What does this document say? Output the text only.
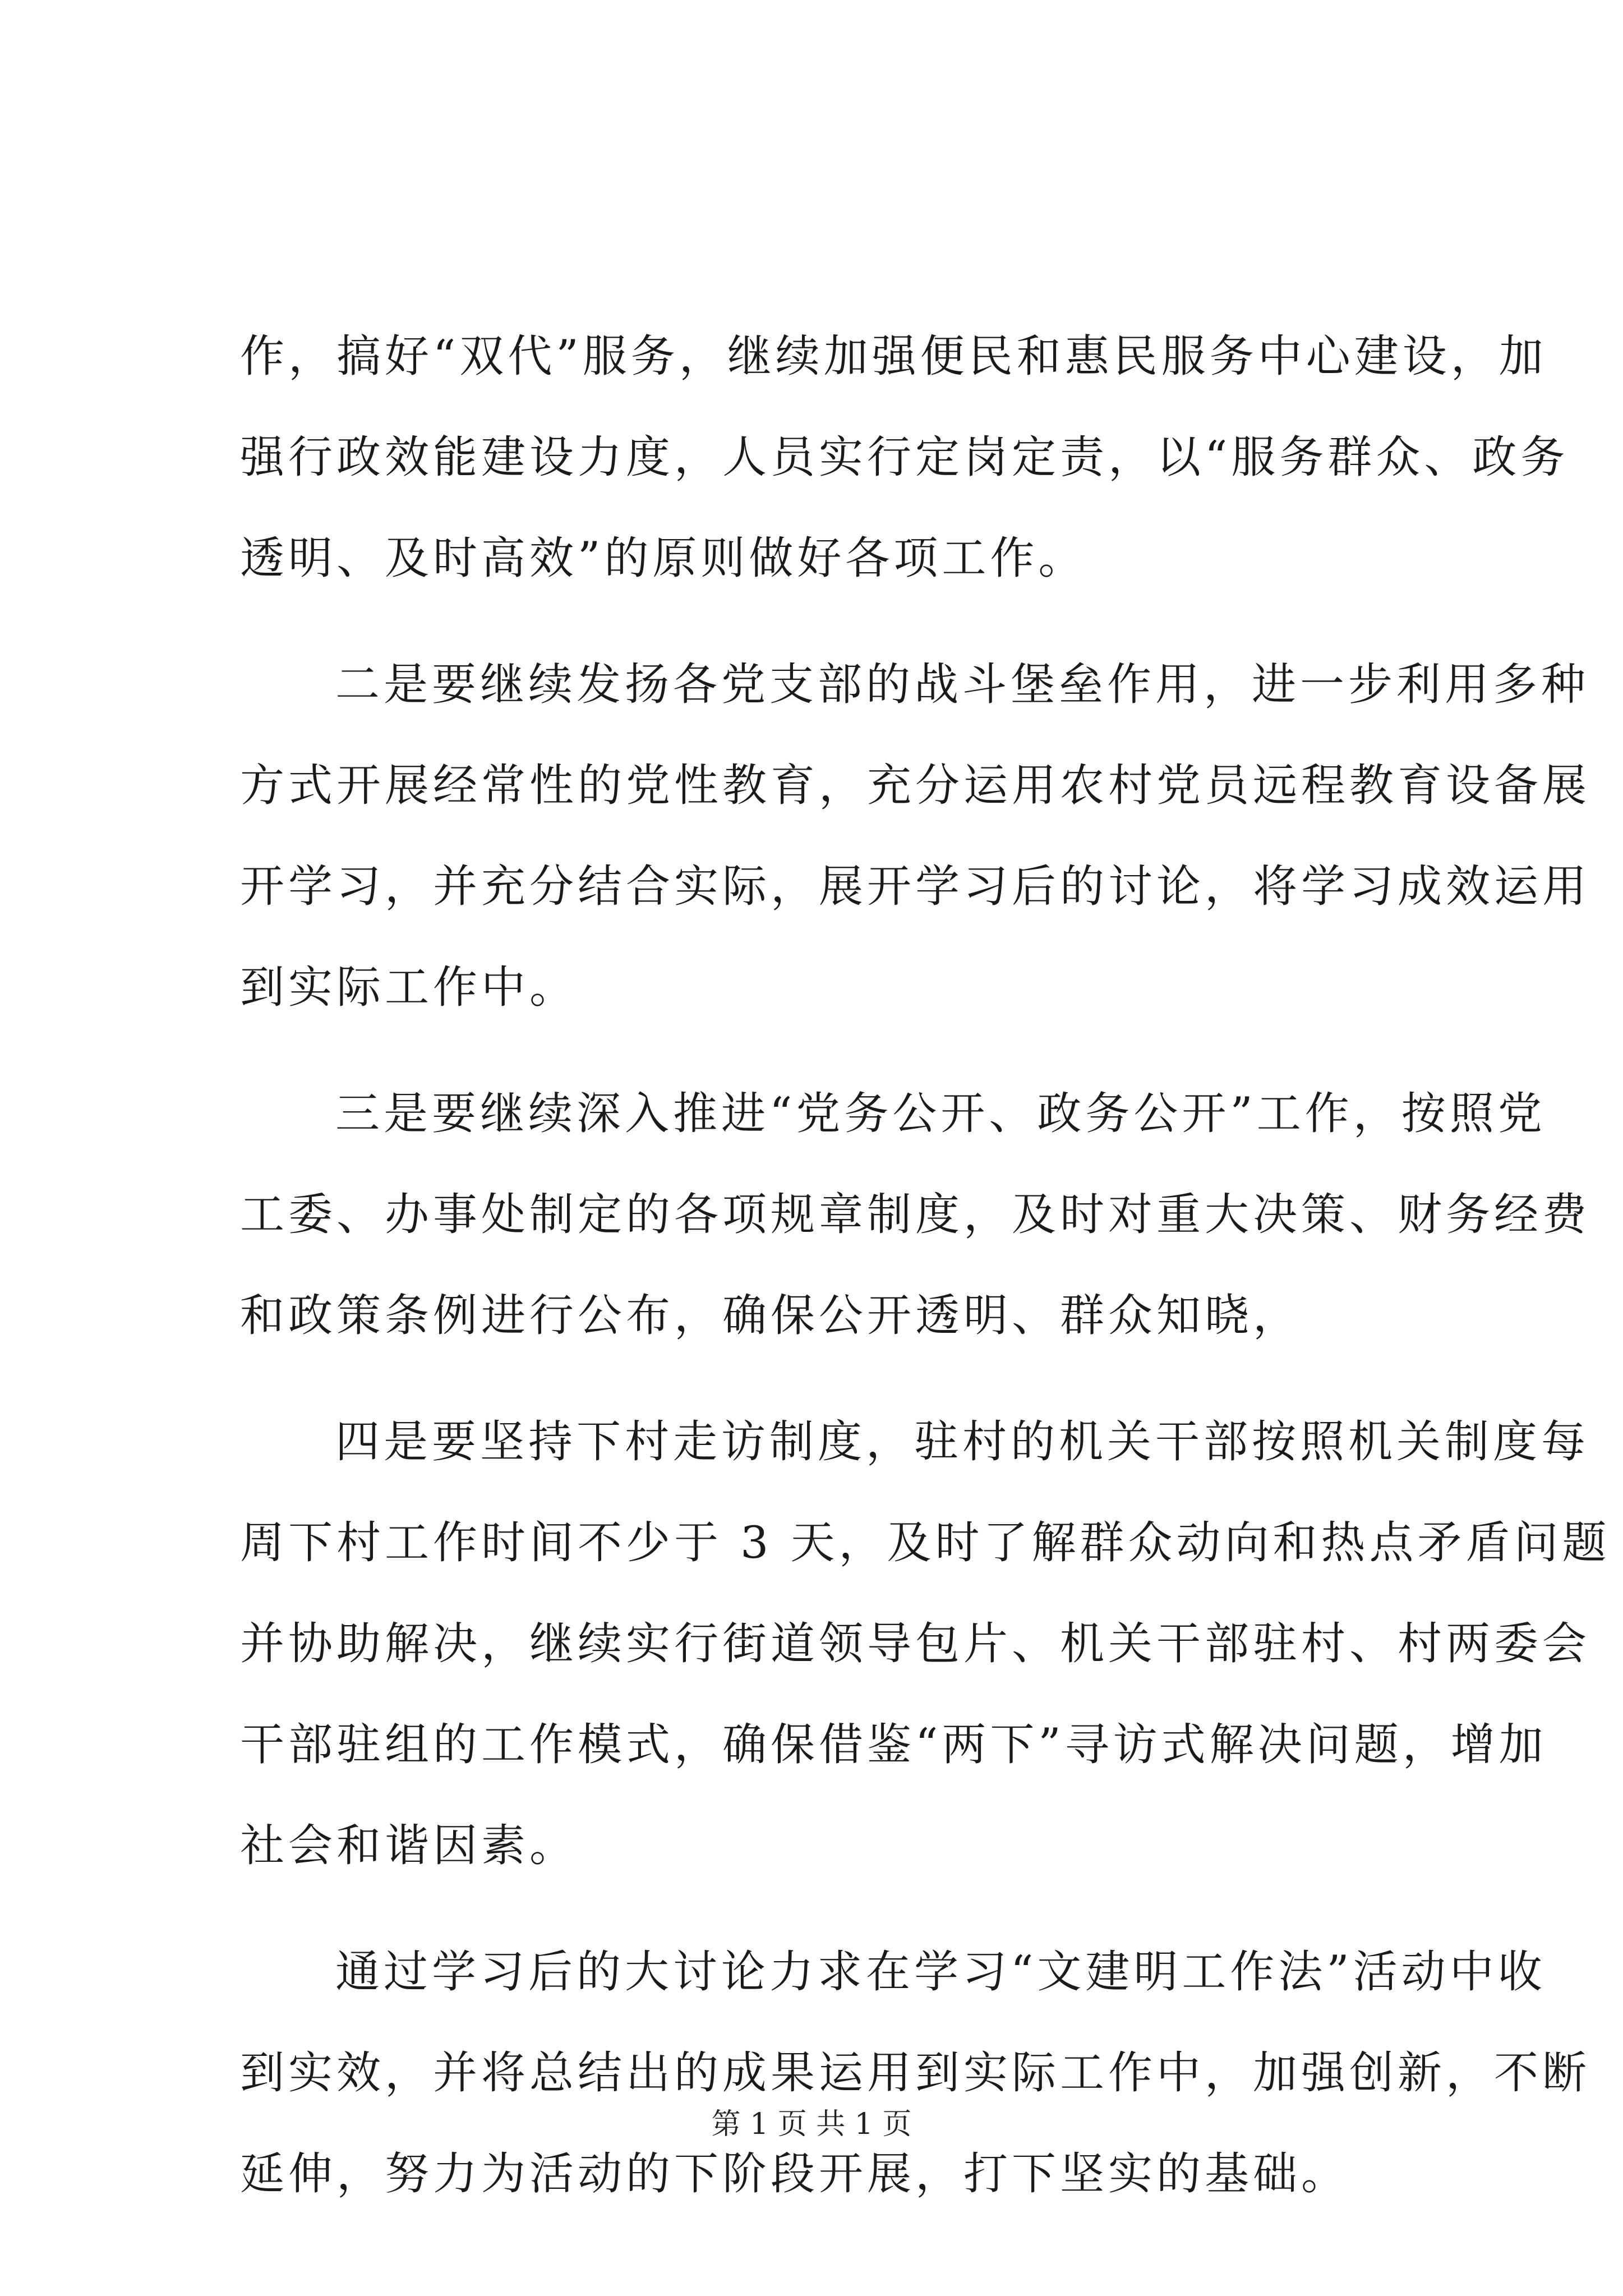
作，搞好“双代”服务，继续加强便民和惠民服务中心建设，加
强行政效能建设力度，人员实行定岗定责，以“服务群众、政务
透明、及时高效”的原则做好各项工作。
二是要继续发扬各党支部的战斗堡垒作用，进一步利用多种
方式开展经常性的党性教育，充分运用农村党员远程教育设备展
开学习，并充分结合实际，展开学习后的讨论，将学习成效运用
到实际工作中。
三是要继续深入推进“党务公开、政务公开”工作，按照党
工委、办事处制定的各项规章制度，及时对重大决策、财务经费
和政策条例进行公布，确保公开透明、群众知晓，
四是要坚持下村走访制度，驻村的机关干部按照机关制度每
周下村工作时间不少于 3 天，及时了解群众动向和热点矛盾问题
并协助解决，继续实行街道领导包片、机关干部驻村、村两委会
干部驻组的工作模式，确保借鉴“两下”寻访式解决问题，增加
社会和谐因素。
通过学习后的大讨论力求在学习“文建明工作法”活动中收
到实效，并将总结出的成果运用到实际工作中，加强创新，不断
延伸，努力为活动的下阶段开展，打下坚实的基础。
第 1 页 共 1 页
